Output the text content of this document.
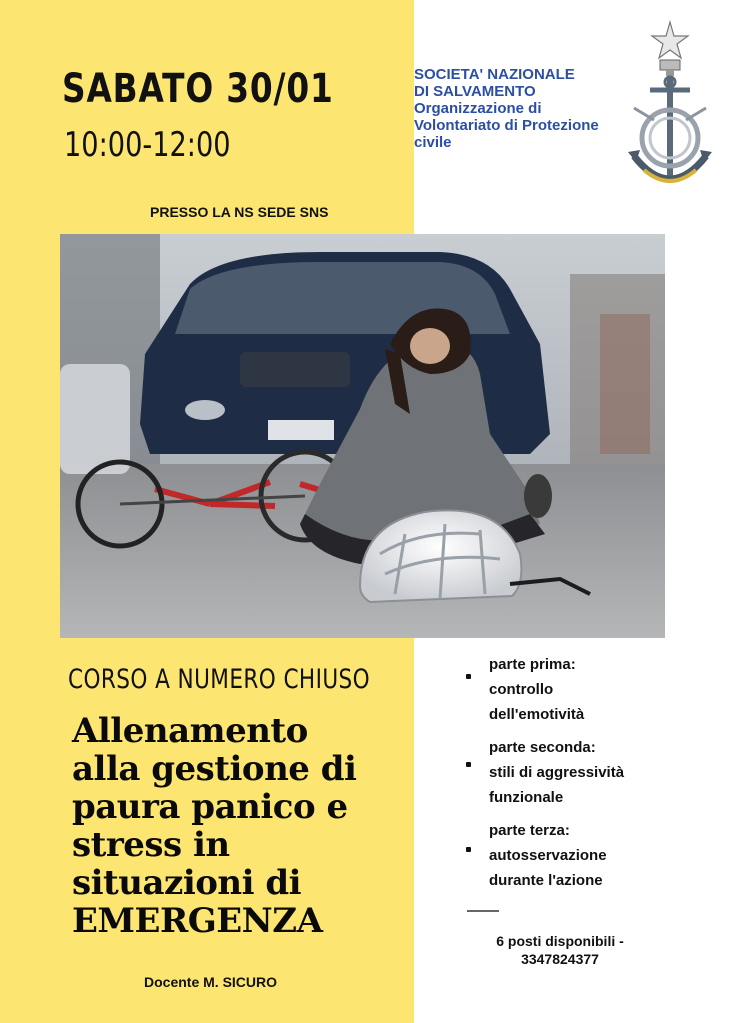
SABATO 30/01
10:00-12:00
PRESSO LA NS SEDE SNS
SOCIETA' NAZIONALE
DI SALVAMENTO
Organizzazione di Volontariato di Protezione civile
CORSO A NUMERO CHIUSO
Allenamento
alla gestione di
paura panico e
stress in
situazioni di
EMERGENZA
Docente M. SICURO
parte prima:
controllo
dell'emotività
parte seconda:
stili di aggressività
funzionale
parte terza:
autosservazione
durante l'azione
6 posti disponibili -
3347824377
